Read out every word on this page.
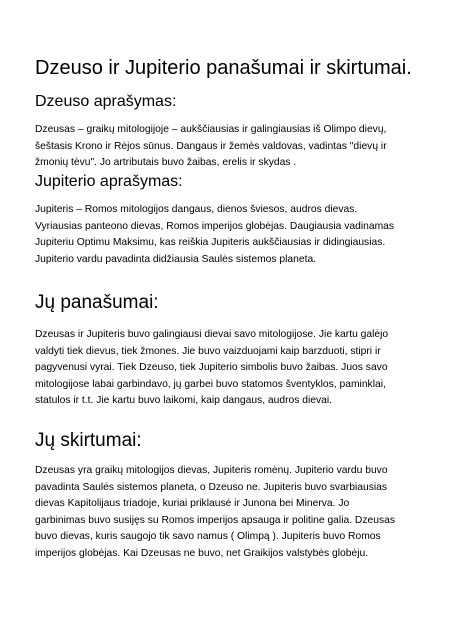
Dzeuso ir Jupiterio panašumai ir skirtumai.
Dzeuso aprašymas:

Dzeusas – graikų mitologijoje – aukščiausias ir galingiausias iš Olimpo dievų,

šeštasis Krono ir Rėjos sūnus. Dangaus ir žemės valdovas, vadintas "dievų ir

žmonių tėvu". Jo artributais buvo žaibas, erelis ir skydas .

Jupiterio aprašymas:

Jupiteris – Romos mitologijos dangaus, dienos šviesos, audros dievas.

Vyriausias panteono dievas, Romos imperijos globėjas. Daugiausia vadinamas

Jupiteriu Optimu Maksimu, kas reiškia Jupiteris aukščiausias ir didingiausias.

Jupiterio vardu pavadinta didžiausia Saulės sistemos planeta.

Jų panašumai:

Dzeusas ir Jupiteris buvo galingiausi dievai savo mitologijose. Jie kartu galėjo

valdyti tiek dievus, tiek žmones. Jie buvo vaizduojami kaip barzduoti, stipri ir

pagyvenusi vyrai. Tiek Dzeuso, tiek Jupiterio simbolis buvo žaibas. Juos savo

mitologijose labai garbindavo, jų garbei buvo statomos šventyklos, paminklai,

statulos ir t.t. Jie kartu buvo laikomi, kaip dangaus, audros dievai.

Jų skirtumai:

Dzeusas yra graikų mitologijos dievas, Jupiteris romėnų. Jupiterio vardu buvo

pavadinta Saulės sistemos planeta, o Dzeuso ne. Jupiteris buvo svarbiausias

dievas Kapitolijaus triadoje, kuriai priklausė ir Junona bei Minerva. Jo

garbinimas buvo susijęs su Romos imperijos apsauga ir politine galia. Dzeusas

buvo dievas, kuris saugojo tik savo namus ( Olimpą ). Jupiteris buvo Romos

imperijos globėjas. Kai Dzeusas ne buvo, net Graikijos valstybės globėju.
